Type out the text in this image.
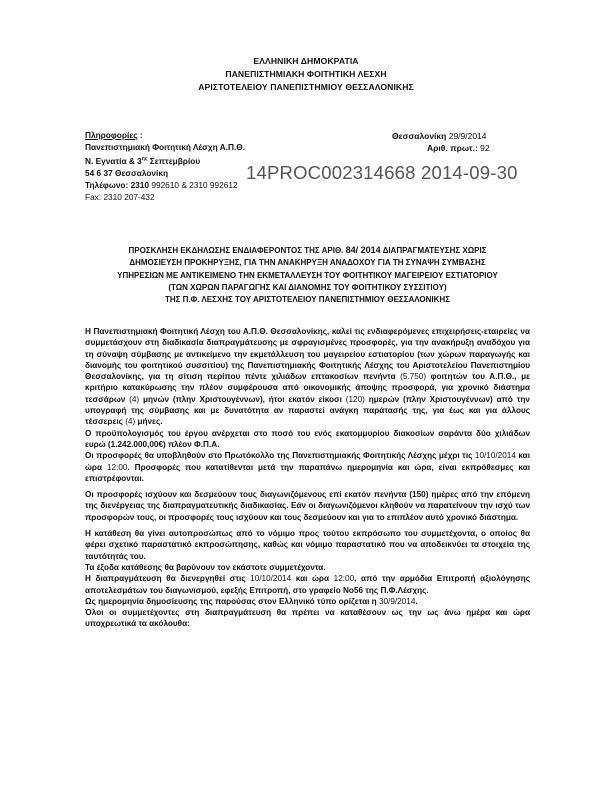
ΕΛΛΗΝΙΚΗ ΔΗΜΟΚΡΑΤΙΑ
ΠΑΝΕΠΙΣΤΗΜΙΑΚΗ ΦΟΙΤΗΤΙΚΗ ΛΕΣΧΗ
ΑΡΙΣΤΟΤΕΛΕΙΟΥ ΠΑΝΕΠΙΣΤΗΜΙΟΥ ΘΕΣΣΑΛΟΝΙΚΗΣ
Πληροφορίες :
Πανεπιστημιακή Φοιτητική Λέσχη Α.Π.Θ.
Ν. Εγνατία & $3^{\eta\varsigma}$ Σεπτεμβρίου
54 6 37 Θεσσαλονίκη
Τηλέφωνο: 2310 992610 & 2310 992612
Fax: 2310 207-432
Θεσσαλονίκη 29/9/2014
Αριθ. πρωτ.: 92
14PROC002314668 2014-09-30
ΠΡΟΣΚΛΗΣΗ ΕΚΔΗΛΩΣΗΣ ΕΝΔΙΑΦΕΡΟΝΤΟΣ ΤΗΣ ΑΡΙΘ. 84/ 2014 ΔΙΑΠΡΑΓΜΑΤΕΥΣΗΣ ΧΩΡΙΣ
ΔΗΜΟΣΙΕΥΣΗ ΠΡΟΚΗΡΥΞΗΣ, ΓΙΑ ΤΗΝ ΑΝΑΚΗΡΥΞΗ ΑΝΑΔΟΧΟΥ ΓΙΑ ΤΗ ΣΥΝΑΨΗ ΣΥΜΒΑΣΗΣ
ΥΠΗΡΕΣΙΩΝ ΜΕ ΑΝΤΙΚΕΙΜΕΝΟ ΤΗΝ ΕΚΜΕΤΑΛΛΕΥΣΗ ΤΟΥ ΦΟΙΤΗΤΙΚΟΥ ΜΑΓΕΙΡΕΙΟΥ ΕΣΤΙΑΤΟΡΙΟΥ
(ΤΩΝ ΧΩΡΩΝ ΠΑΡΑΓΩΓΗΣ ΚΑΙ ΔΙΑΝΟΜΗΣ ΤΟΥ ΦΟΙΤΗΤΙΚΟΥ ΣΥΣΣΙΤΙΟΥ)
ΤΗΣ Π.Φ. ΛΕΣΧΗΣ ΤΟΥ ΑΡΙΣΤΟΤΕΛΕΙΟΥ ΠΑΝΕΠΙΣΤΗΜΙΟΥ ΘΕΣΣΑΛΟΝΙΚΗΣ

Η Πανεπιστημιακή Φοιτητική Λέσχη του Α.Π.Θ. Θεσσαλονίκης, καλεί τις ενδιαφερόμενες επιχειρήσεις-εταιρείες να συμμετάσχουν στη διαδικασία διαπραγμάτευσης με σφραγισμένες προσφορές, για την ανακήρυξη αναδόχου για τη σύναψη σύμβασης με αντικείμενο την εκμετάλλευση του μαγειρείου εστιατορίου (των χώρων παραγωγής και διανομής του φοιτητικού συσσιτίου) της Πανεπιστημιακής Φοιτητικής Λέσχης του Αριστοτελείου Πανεπιστημίου Θεσσαλονίκης, για τη σίτιση περίπου πέντε χιλιάδων επτακοσίων πενήντα (5.750) φοιτητών του Α.Π.Θ., με κριτήριο κατακύρωσης την πλέον συμφέρουσα από οικονομικής άποψης προσφορά, για χρονικό διάστημα τεσσάρων (4) μηνών (πλην Χριστουγέννων), ήτοι εκατόν είκοσι (120) ημερών (πλην Χριστουγέννων) από την υπογραφή της σύμβασης και με δυνατότητα αν παραστεί ανάγκη παράτασής της, για έως και για άλλους τέσσερεις (4) μήνες.

Ο προϋπολογισμός του έργου ανέρχεται στο ποσό του ενός εκατομμυρίου διακοσίων σαράντα δύο χιλιάδων ευρώ (1.242.000,00€) πλέον Φ.Π.Α.

Οι προσφορές θα υποβληθούν στο Πρωτόκολλο της Πανεπιστημιακής Φοιτητικής Λέσχης μέχρι τις 10/10/2014 και ώρα 12:00. Προσφορές που κατατίθενται μετά την παραπάνω ημερομηνία και ώρα, είναι εκπρόθεσμες και επιστρέφονται.

Οι προσφορές ισχύουν και δεσμεύουν τους διαγωνιζόμενους επί εκατόν πενήντα (150) ημέρες από την επόμενη της διενέργειας της διαπραγματευτικής διαδικασίας. Εάν οι διαγωνιζόμενοι κληθούν να παρατείνουν την ισχύ των προσφορών τους, οι προσφορές τους ισχύουν και τους δεσμεύουν και για το επιπλέον αυτό χρονικό διάστημα.

Η κατάθεση θα γίνει αυτοπροσώπως από το νόμιμο προς τούτου εκπρόσωπο του συμμετέχοντα, ο οποίος θα φέρει σχετικό παραστατικό εκπροσώπησης, καθώς και νόμιμο παραστατικό που να αποδεικνύει τα στοιχεία της ταυτότητάς του.

Τα έξοδα κατάθεσης θα βαρύνουν τον εκάστοτε συμμετέχοντα.

Η διαπραγμάτευση θα διενεργηθεί στις 10/10/2014 και ώρα 12:00, από την αρμόδια Επιτροπή αξιολόγησης αποτελεσμάτων του διαγωνισμού, εφεξής Επιτροπή, στο γραφείο Νο56 της Π.Φ.Λέσχης.

Ως ημερομηνία δημοσίευσης της παρούσας στον Ελληνικό τύπο ορίζεται η 30/9/2014.

Όλοι οι συμμετέχοντες στη διαπραγμάτευση θα πρέπει να καταθέσουν ως την ως άνω ημέρα και ώρα υποχρεωτικά τα ακόλουθα:
